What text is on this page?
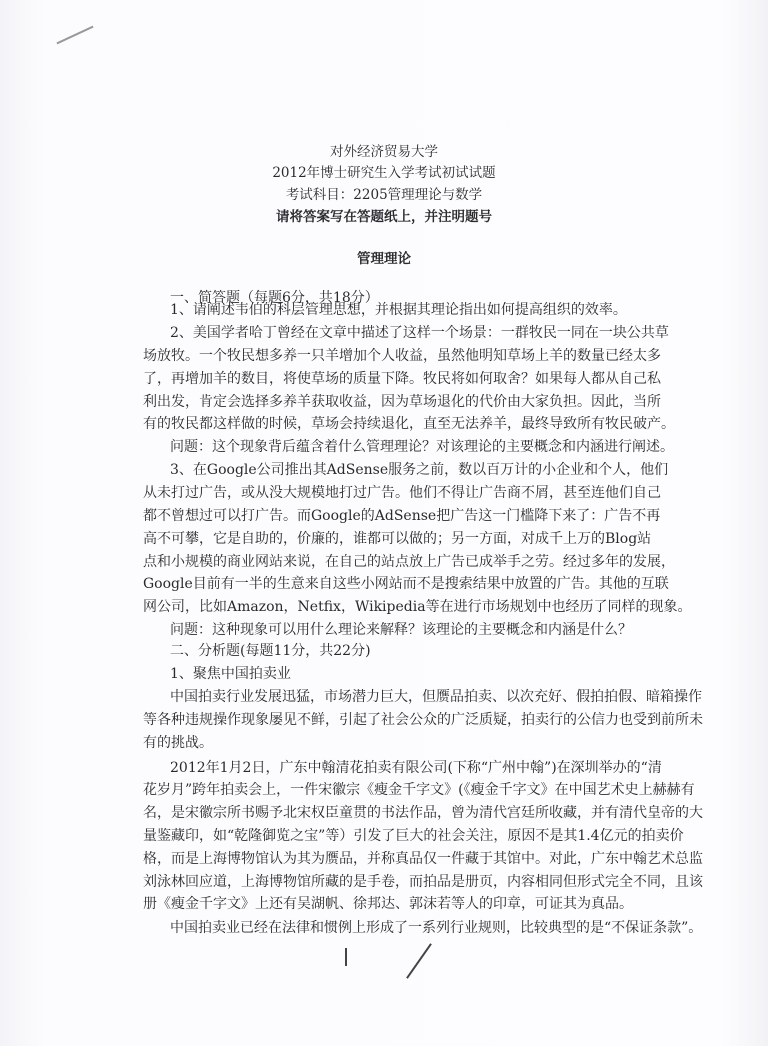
对外经济贸易大学
2012年博士研究生入学考试初试试题
考试科目：2205管理理论与数学
请将答案写在答题纸上，并注明题号
管理理论
一、简答题（每题6分，共18分）
1、请阐述韦伯的科层管理思想，并根据其理论指出如何提高组织的效率。
2、美国学者哈丁曾经在文章中描述了这样一个场景：一群牧民一同在一块公共草
场放牧。一个牧民想多养一只羊增加个人收益，虽然他明知草场上羊的数量已经太多
了，再增加羊的数目，将使草场的质量下降。牧民将如何取舍？如果每人都从自己私
利出发，肯定会选择多养羊获取收益，因为草场退化的代价由大家负担。因此，当所
有的牧民都这样做的时候，草场会持续退化，直至无法养羊，最终导致所有牧民破产。
问题：这个现象背后蕴含着什么管理理论？对该理论的主要概念和内涵进行阐述。
3、在Google公司推出其AdSense服务之前，数以百万计的小企业和个人，他们
从未打过广告，或从没大规模地打过广告。他们不得让广告商不屑，甚至连他们自己
都不曾想过可以打广告。而Google的AdSense把广告这一门槛降下来了：广告不再
高不可攀，它是自助的，价廉的，谁都可以做的；另一方面，对成千上万的Blog站
点和小规模的商业网站来说，在自己的站点放上广告已成举手之劳。经过多年的发展，
Google目前有一半的生意来自这些小网站而不是搜索结果中放置的广告。其他的互联
网公司，比如Amazon，Netfix，Wikipedia等在进行市场规划中也经历了同样的现象。
问题：这种现象可以用什么理论来解释？该理论的主要概念和内涵是什么？
二、分析题(每题11分，共22分)
1、聚焦中国拍卖业
中国拍卖行业发展迅猛，市场潜力巨大，但赝品拍卖、以次充好、假拍拍假、暗箱操作
等各种违规操作现象屡见不鲜，引起了社会公众的广泛质疑，拍卖行的公信力也受到前所未
有的挑战。
2012年1月2日，广东中翰清花拍卖有限公司(下称“广州中翰”)在深圳举办的“清
花岁月”跨年拍卖会上，一件宋徽宗《瘦金千字文》(《瘦金千字文》在中国艺术史上赫赫有
名，是宋徽宗所书赐予北宋权臣童贯的书法作品，曾为清代宫廷所收藏，并有清代皇帝的大
量鉴藏印，如“乾隆御览之宝”等）引发了巨大的社会关注，原因不是其1.4亿元的拍卖价
格，而是上海博物馆认为其为赝品，并称真品仅一件藏于其馆中。对此，广东中翰艺术总监
刘泳林回应道，上海博物馆所藏的是手卷，而拍品是册页，内容相同但形式完全不同，且该
册《瘦金千字文》上还有吴湖帆、徐邦达、郭沫若等人的印章，可证其为真品。
中国拍卖业已经在法律和惯例上形成了一系列行业规则，比较典型的是“不保证条款”。
